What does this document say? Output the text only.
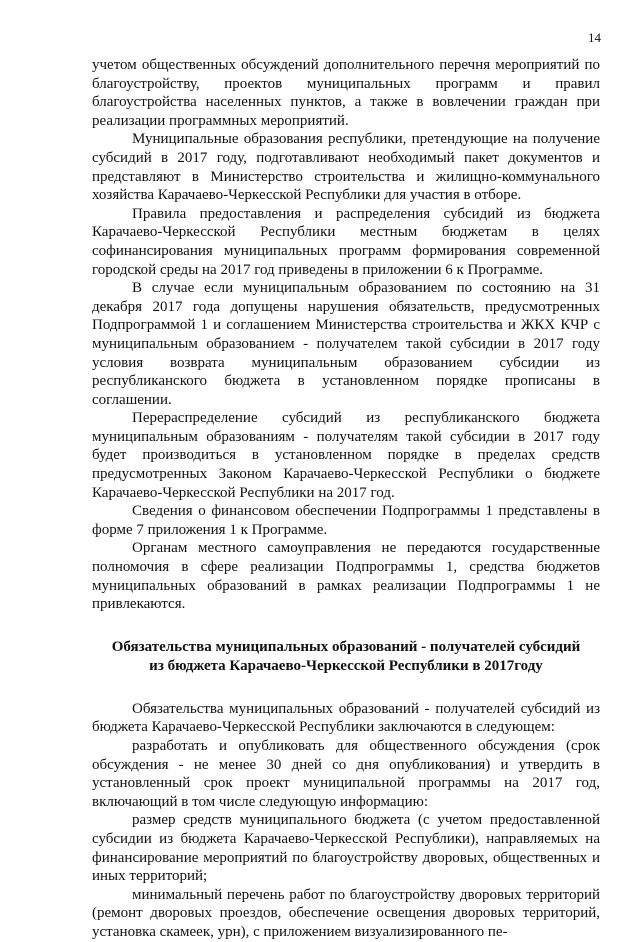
14

учетом общественных обсуждений дополнительного перечня мероприятий по благоустройству, проектов муниципальных программ и правил благоустройства населенных пунктов, а также в вовлечении граждан при реализации программных мероприятий.

Муниципальные образования республики, претендующие на получение субсидий в 2017 году, подготавливают необходимый пакет документов и представляют в Министерство строительства и жилищно-коммунального хозяйства Карачаево-Черкесской Республики для участия в отборе.

Правила предоставления и распределения субсидий из бюджета Карачаево-Черкесской Республики местным бюджетам в целях софинансирования муниципальных программ формирования современной городской среды на 2017 год приведены в приложении 6 к Программе.

В случае если муниципальным образованием по состоянию на 31 декабря 2017 года допущены нарушения обязательств, предусмотренных Подпрограммой 1 и соглашением Министерства строительства и ЖКХ КЧР с муниципальным образованием - получателем такой субсидии в 2017 году условия возврата муниципальным образованием субсидии из республиканского бюджета в установленном порядке прописаны в соглашении.

Перераспределение субсидий из республиканского бюджета муниципальным образованиям - получателям такой субсидии в 2017 году будет производиться в установленном порядке в пределах средств предусмотренных Законом Карачаево-Черкесской Республики о бюджете Карачаево-Черкесской Республики на 2017 год.

Сведения о финансовом обеспечении Подпрограммы 1 представлены в форме 7 приложения 1 к Программе.

Органам местного самоуправления не передаются государственные полномочия в сфере реализации Подпрограммы 1, средства бюджетов муниципальных образований в рамках реализации Подпрограммы 1 не привлекаются.

Обязательства муниципальных образований - получателей субсидий
из бюджета Карачаево-Черкесской Республики в 2017году

Обязательства муниципальных образований - получателей субсидий из бюджета Карачаево-Черкесской Республики заключаются в следующем:

разработать и опубликовать для общественного обсуждения (срок обсуждения - не менее 30 дней со дня опубликования) и утвердить в установленный срок проект муниципальной программы на 2017 год, включающий в том числе следующую информацию:

размер средств муниципального бюджета (с учетом предоставленной субсидии из бюджета Карачаево-Черкесской Республики), направляемых на финансирование мероприятий по благоустройству дворовых, общественных и иных территорий;

минимальный перечень работ по благоустройству дворовых территорий (ремонт дворовых проездов, обеспечение освещения дворовых территорий, установка скамеек, урн), с приложением визуализированного пе-
